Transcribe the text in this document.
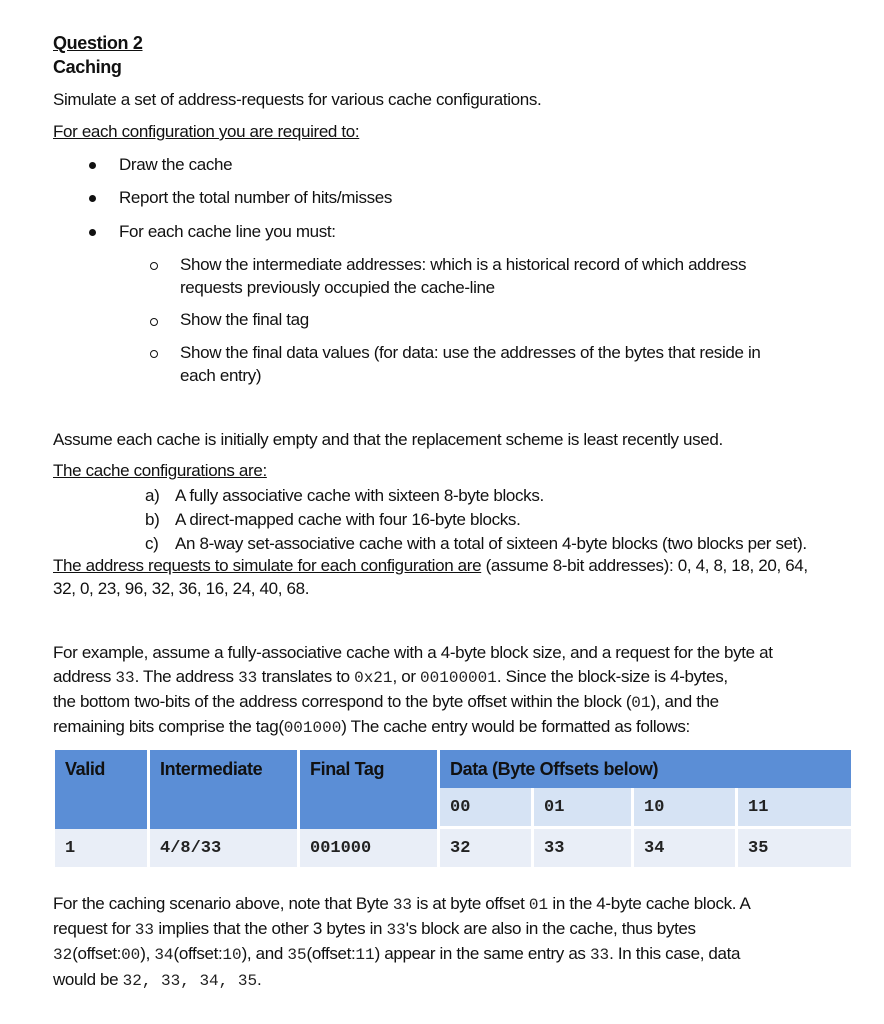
Question 2
Caching
Simulate a set of address-requests for various cache configurations.
For each configuration you are required to:
Draw the cache
Report the total number of hits/misses
For each cache line you must:
Show the intermediate addresses: which is a historical record of which address
requests previously occupied the cache-line
Show the final tag
Show the final data values (for data: use the addresses of the bytes that reside in
each entry)
Assume each cache is initially empty and that the replacement scheme is least recently used.
The cache configurations are:
a) A fully associative cache with sixteen 8-byte blocks.
b) A direct-mapped cache with four 16-byte blocks.
c) An 8-way set-associative cache with a total of sixteen 4-byte blocks (two blocks per set).
The address requests to simulate for each configuration are (assume 8-bit addresses): 0, 4, 8, 18, 20, 64,
32, 0, 23, 96, 32, 36, 16, 24, 40, 68.
For example, assume a fully-associative cache with a 4-byte block size, and a request for the byte at
address 33. The address 33 translates to 0x21, or 00100001. Since the block-size is 4-bytes,
the bottom two-bits of the address correspond to the byte offset within the block (01), and the
remaining bits comprise the tag(001000) The cache entry would be formatted as follows:
Valid	Intermediate	Final Tag	Data (Byte Offsets below)			
			00	01	10	11
1	4/8/33	001000	32	33	34	35
For the caching scenario above, note that Byte 33 is at byte offset 01 in the 4-byte cache block. A
request for 33 implies that the other 3 bytes in 33's block are also in the cache, thus bytes
32(offset:00), 34(offset:10), and 35(offset:11) appear in the same entry as 33. In this case, data
would be 32, 33, 34, 35.
